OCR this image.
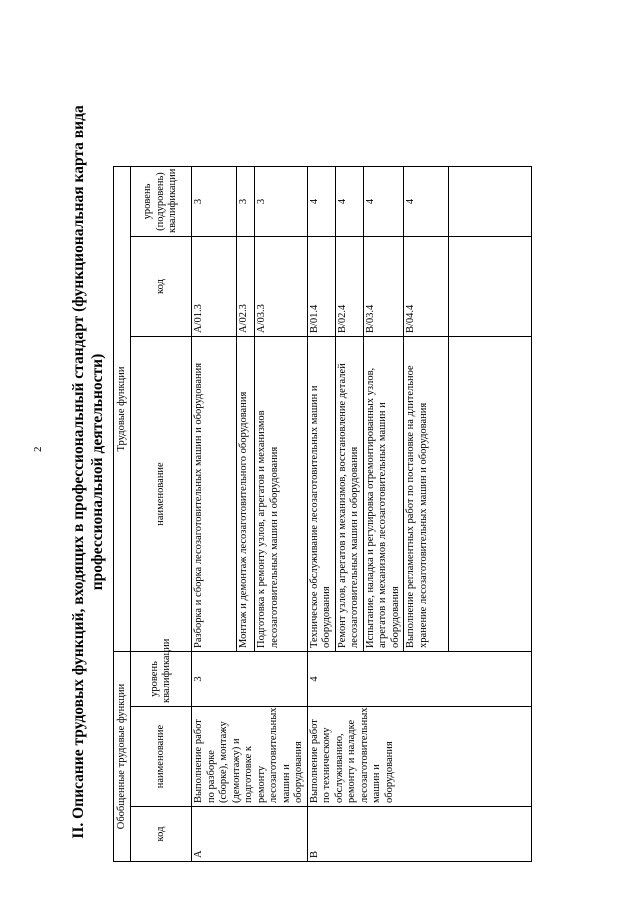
2 II. Описание трудовых функций, входящих в профессиональный стандарт (функциональная карта вида профессиональной деятельности)
Обобщенные трудовые функции			Трудовые функции			
код	наименование	уровень квалификации	наименование	код	уровень (подуровень) квалификации	
А	Выполнение работ по разборке (сборке), монтажу (демонтажу) и подготовке к ремонту лесозаготовительных машин и оборудования	3	Разборка и сборка лесозаготовительных машин и оборудования	А/01.3	3	
			Монтаж и демонтаж лесозаготовительного оборудования	А/02.3	3	
			Подготовка к ремонту узлов, агрегатов и механизмов лесозаготовительных машин и оборудования	А/03.3	3	
В	Выполнение работ по техническому обслуживанию, ремонту и наладке лесозаготовительных машин и оборудования	4	Техническое обслуживание лесозаготовительных машин и оборудования	В/01.4	4	
			Ремонт узлов, агрегатов и механизмов, восстановление деталей лесозаготовительных машин и оборудования	В/02.4	4	
			Испытание, наладка и регулировка отремонтированных узлов, агрегатов и механизмов лесозаготовительных машин и оборудования	В/03.4	4	
			Выполнение регламентных работ по постановке на длительное хранение лесозаготовительных машин и оборудования	В/04.4	4	
